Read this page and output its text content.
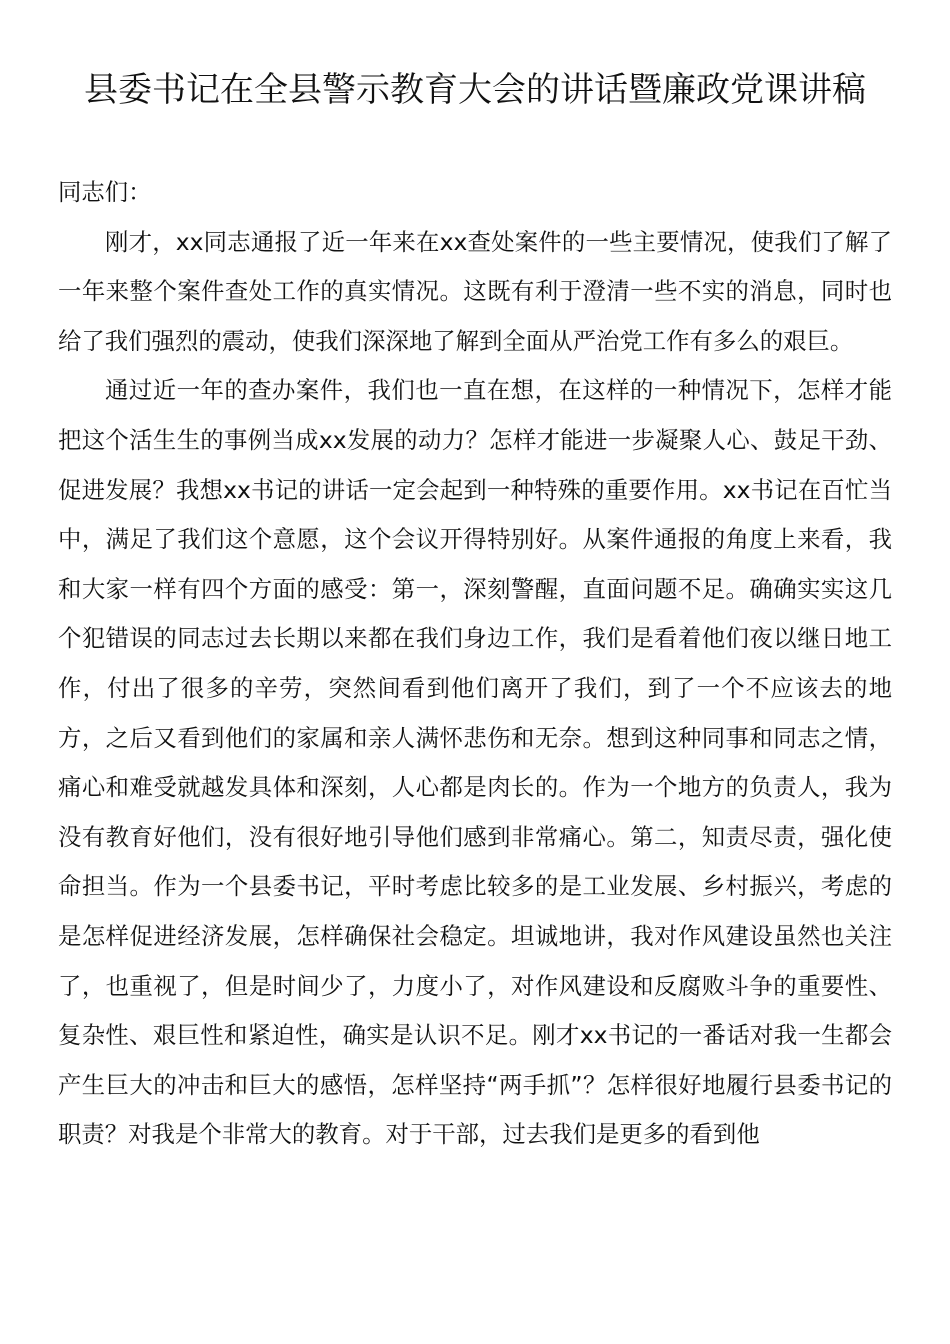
县委书记在全县警示教育大会的讲话暨廉政党课讲稿

同志们：

刚才，xx同志通报了近一年来在xx查处案件的一些主要情况，使我们了解了一年来整个案件查处工作的真实情况。这既有利于澄清一些不实的消息，同时也给了我们强烈的震动，使我们深深地了解到全面从严治党工作有多么的艰巨。

通过近一年的查办案件，我们也一直在想，在这样的一种情况下，怎样才能把这个活生生的事例当成xx发展的动力？怎样才能进一步凝聚人心、鼓足干劲、促进发展？我想xx书记的讲话一定会起到一种特殊的重要作用。xx书记在百忙当中，满足了我们这个意愿，这个会议开得特别好。从案件通报的角度上来看，我和大家一样有四个方面的感受：第一，深刻警醒，直面问题不足。确确实实这几个犯错误的同志过去长期以来都在我们身边工作，我们是看着他们夜以继日地工作，付出了很多的辛劳，突然间看到他们离开了我们，到了一个不应该去的地方，之后又看到他们的家属和亲人满怀悲伤和无奈。想到这种同事和同志之情，痛心和难受就越发具体和深刻，人心都是肉长的。作为一个地方的负责人，我为没有教育好他们，没有很好地引导他们感到非常痛心。第二，知责尽责，强化使命担当。作为一个县委书记，平时考虑比较多的是工业发展、乡村振兴，考虑的是怎样促进经济发展，怎样确保社会稳定。坦诚地讲，我对作风建设虽然也关注了，也重视了，但是时间少了，力度小了，对作风建设和反腐败斗争的重要性、复杂性、艰巨性和紧迫性，确实是认识不足。刚才xx书记的一番话对我一生都会产生巨大的冲击和巨大的感悟，怎样坚持“两手抓”？怎样很好地履行县委书记的职责？对我是个非常大的教育。对于干部，过去我们是更多的看到他
